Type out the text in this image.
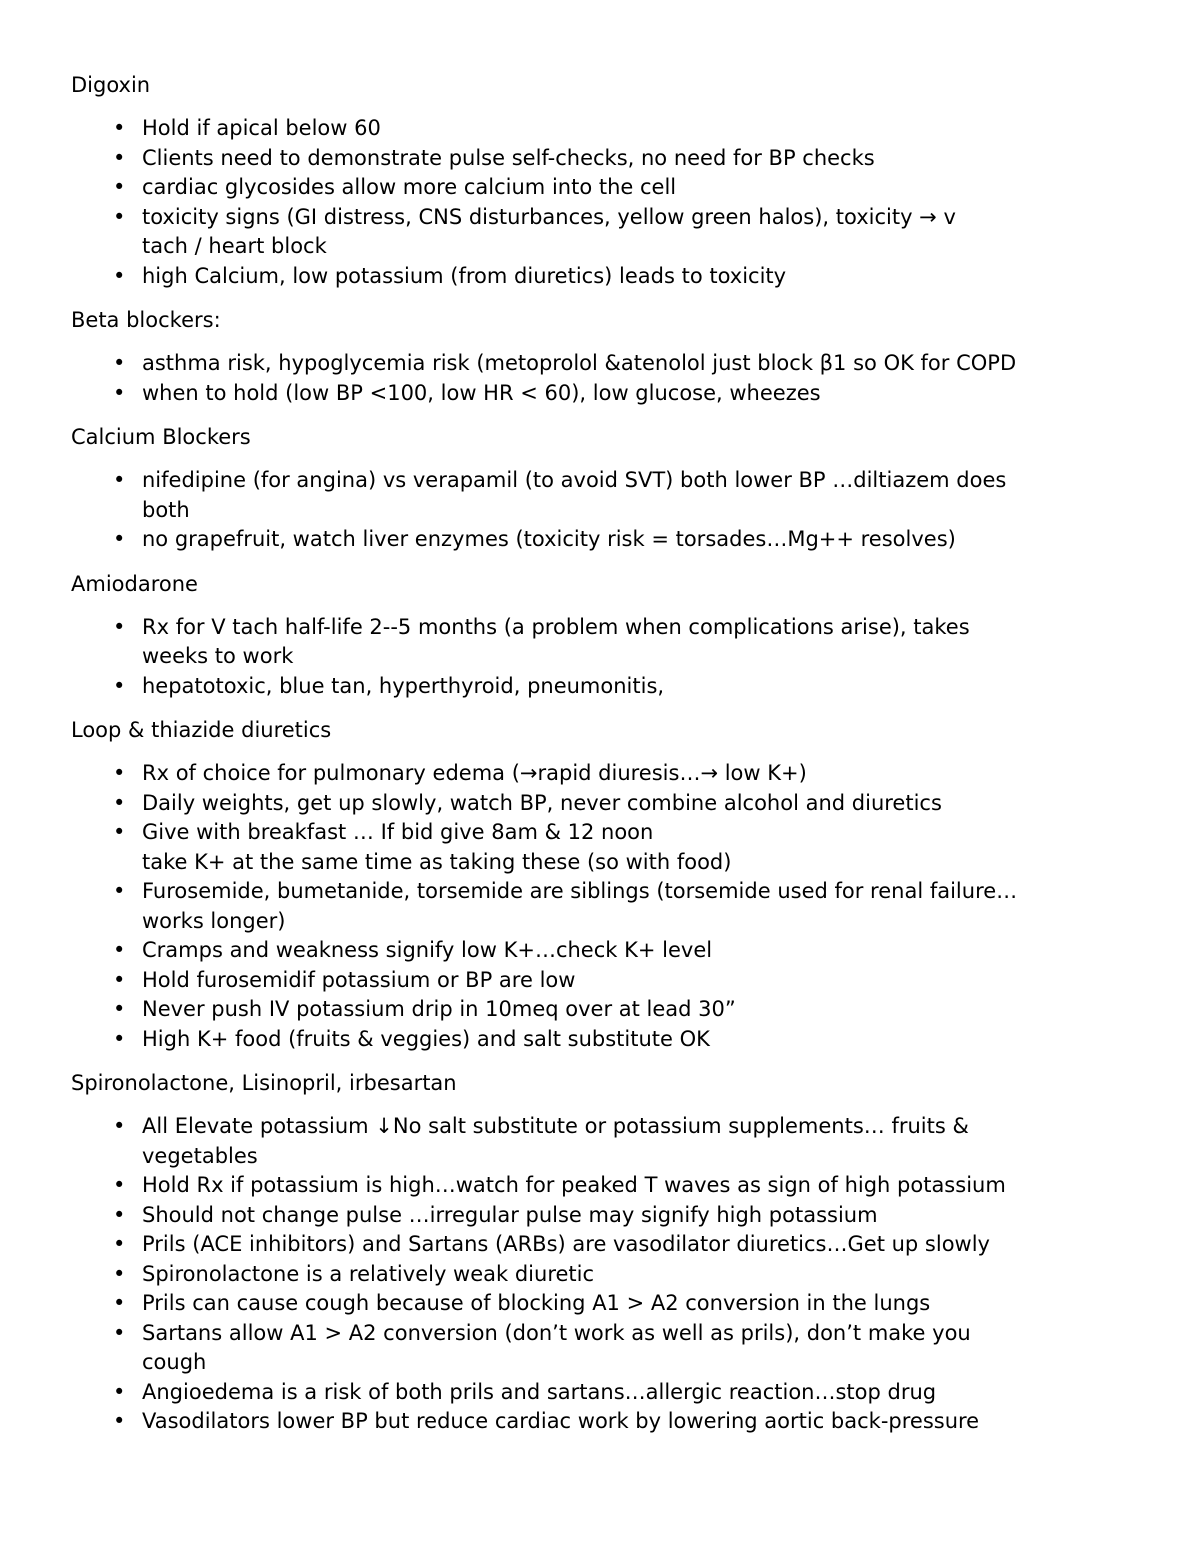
Digoxin
• Hold if apical below 60
• Clients need to demonstrate pulse self-checks, no need for BP checks
• cardiac glycosides allow more calcium into the cell
• toxicity signs (GI distress, CNS disturbances, yellow green halos), toxicity → v
tach / heart block
• high Calcium, low potassium (from diuretics) leads to toxicity
Beta blockers:
• asthma risk, hypoglycemia risk (metoprolol &atenolol just block β1 so OK for COPD
• when to hold (low BP <100, low HR < 60), low glucose, wheezes
Calcium Blockers
• nifedipine (for angina) vs verapamil (to avoid SVT) both lower BP …diltiazem does
both
• no grapefruit, watch liver enzymes (toxicity risk = torsades…Mg++ resolves)
Amiodarone
• Rx for V tach half-life 2--5 months (a problem when complications arise), takes
weeks to work
• hepatotoxic, blue tan, hyperthyroid, pneumonitis,
Loop & thiazide diuretics
• Rx of choice for pulmonary edema (→rapid diuresis…→ low K+)
• Daily weights, get up slowly, watch BP, never combine alcohol and diuretics
• Give with breakfast … If bid give 8am & 12 noon
take K+ at the same time as taking these (so with food)
• Furosemide, bumetanide, torsemide are siblings (torsemide used for renal failure…
works longer)
• Cramps and weakness signify low K+…check K+ level
• Hold furosemidif potassium or BP are low
• Never push IV potassium drip in 10meq over at lead 30”
• High K+ food (fruits & veggies) and salt substitute OK
Spironolactone, Lisinopril, irbesartan
• All Elevate potassium ↓No salt substitute or potassium supplements… fruits &
vegetables
• Hold Rx if potassium is high…watch for peaked T waves as sign of high potassium
• Should not change pulse …irregular pulse may signify high potassium
• Prils (ACE inhibitors) and Sartans (ARBs) are vasodilator diuretics…Get up slowly
• Spironolactone is a relatively weak diuretic
• Prils can cause cough because of blocking A1 > A2 conversion in the lungs
• Sartans allow A1 > A2 conversion (don’t work as well as prils), don’t make you
cough
• Angioedema is a risk of both prils and sartans…allergic reaction…stop drug
• Vasodilators lower BP but reduce cardiac work by lowering aortic back-pressure
